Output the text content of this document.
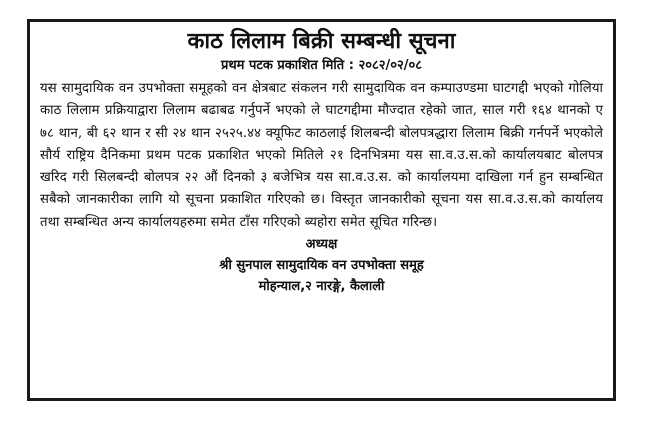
काठ लिलाम बिक्री सम्बन्धी सूचना
प्रथम पटक प्रकाशित मिति : २०८२/०२/०८

यस सामुदायिक वन उपभोक्ता समूहको वन क्षेत्रबाट संकलन गरी सामुदायिक वन कम्पाउण्डमा घाटगद्दी भएको गोलिया काठ लिलाम प्रक्रियाद्वारा लिलाम बढाबढ गर्नुपर्ने भएको ले घाटगद्दीमा मौज्दात रहेको जात, साल गरी १६४ थानको ए ७८ थान, बी ६२ थान र सी २४ थान २५२५.४४ क्यूफिट काठलाई शिलबन्दी बोलपत्रद्धारा लिलाम बिक्री गर्नपर्ने भएकोले सौर्य राष्ट्रिय दैनिकमा प्रथम पटक प्रकाशित भएको मितिले २१ दिनभित्रमा यस सा.व.उ.स.को कार्यालयबाट बोलपत्र खरिद गरी सिलबन्दी बोलपत्र २२ औं दिनको ३ बजेभित्र यस सा.व.उ.स. को कार्यालयमा दाखिला गर्न हुन सम्बन्धित सबैको जानकारीका लागि यो सूचना प्रकाशित गरिएको छ। विस्तृत जानकारीको सूचना यस सा.व.उ.स.को कार्यालय तथा सम्बन्धित अन्य कार्यालयहरुमा समेत टाँस गरिएको ब्यहोरा समेत सूचित गरिन्छ।

अध्यक्ष
श्री सुनपाल सामुदायिक वन उपभोक्ता समूह
मोहन्याल,२ नारङ्गे, कैलाली
